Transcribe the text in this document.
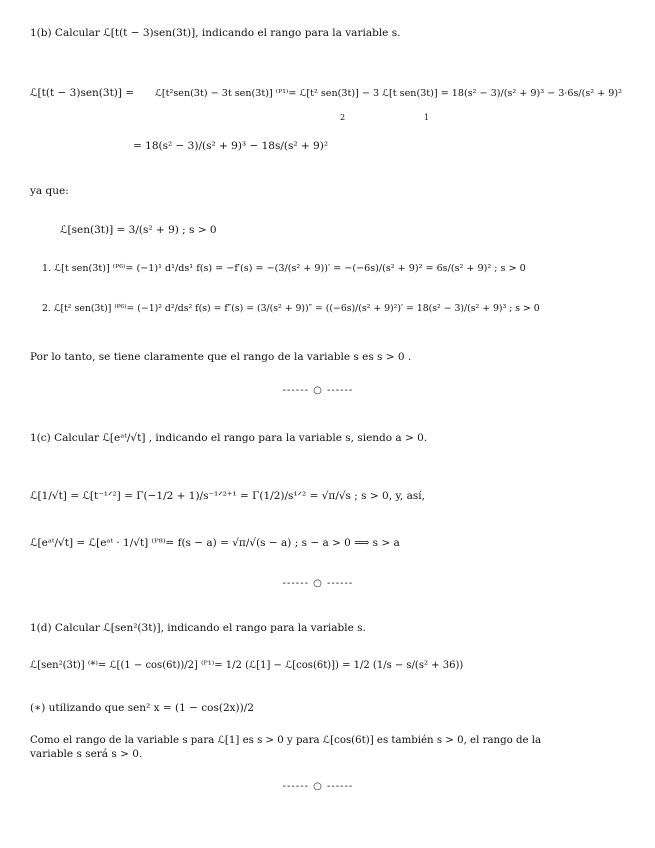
1(b) Calcular ℒ[t(t − 3)sen(3t)], indicando el rango para la variable s.
ℒ[t(t − 3)sen(3t)] = ℒ[t²sen(3t) − 3t sen(3t)] ⁽ᴾ¹⁾= ℒ[t² sen(3t)] − 3 ℒ[t sen(3t)] = 18(s² − 3)/(s² + 9)³ − 3·6s/(s² + 9)²
2	1
= 18(s² − 3)/(s² + 9)³ − 18s/(s² + 9)²
ya que:
ℒ[sen(3t)] = 3/(s² + 9) ; s > 0
1. ℒ[t sen(3t)] ⁽ᴾ⁶⁾= (−1)¹ d¹/ds¹ f(s) = −f′(s) = −(3/(s² + 9))′ = −(−6s)/(s² + 9)² = 6s/(s² + 9)² ; s > 0
2. ℒ[t² sen(3t)] ⁽ᴾ⁶⁾= (−1)² d²/ds² f(s) = f″(s) = (3/(s² + 9))″ = ((−6s)/(s² + 9)²)′ = 18(s² − 3)/(s² + 9)³ ; s > 0
Por lo tanto, se tiene claramente que el rango de la variable s es s > 0 .
------ ○ ------
1(c) Calcular ℒ[eᵃᵗ/√t] , indicando el rango para la variable s, siendo a > 0.
ℒ[1/√t] = ℒ[t⁻¹ᐟ²] = Γ(−1/2 + 1)/s⁻¹ᐟ²⁺¹ = Γ(1/2)/s¹ᐟ² = √π/√s ; s > 0, y, así,
ℒ[eᵃᵗ/√t] = ℒ[eᵃᵗ · 1/√t] ⁽ᴾ⁸⁾= f(s − a) = √π/√(s − a) ; s − a > 0 ⟹ s > a
------ ○ ------
1(d) Calcular ℒ[sen²(3t)], indicando el rango para la variable s.
ℒ[sen²(3t)] ⁽*⁾= ℒ[(1 − cos(6t))/2] ⁽ᴾ¹⁾= 1/2 (ℒ[1] − ℒ[cos(6t)]) = 1/2 (1/s − s/(s² + 36))
(∗) utilizando que sen² x = (1 − cos(2x))/2
Como el rango de la variable s para ℒ[1] es s > 0 y para ℒ[cos(6t)] es también s > 0, el rango de la
variable s será s > 0.
------ ○ ------
